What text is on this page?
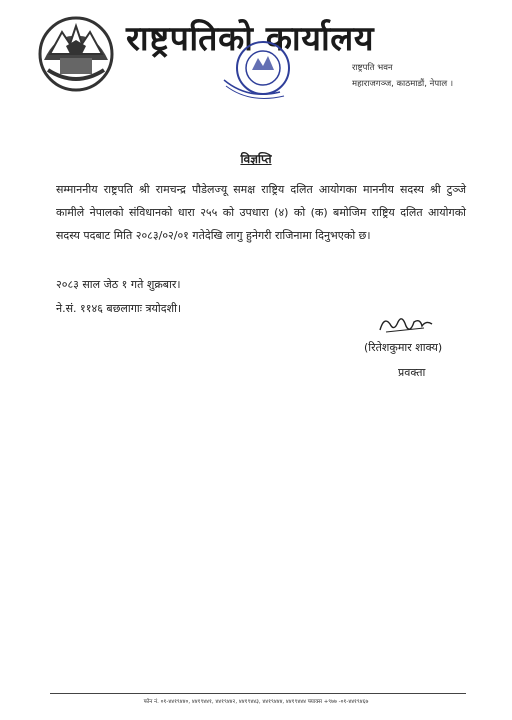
राष्ट्रपतिको कार्यालय
राष्ट्रपति भवन
महाराजगञ्ज, काठमाडौं, नेपाल ।
विज्ञप्ति
सम्माननीय राष्ट्रपति श्री रामचन्द्र पौडेलज्यू समक्ष राष्ट्रिय दलित आयोगका माननीय सदस्य श्री टुञ्जे कामीले नेपालको संविधानको धारा २५५ को उपधारा (४) को (क) बमोजिम राष्ट्रिय दलित आयोगको सदस्य पदबाट मिति २०८३/०२/०१ गतेदेखि लागु हुनेगरी राजिनामा दिनुभएको छ।
२०८३ साल जेठ १ गते शुक्रबार।
ने.सं. ११४६ बछलागाः त्रयोदशी।
(रितेशकुमार शाक्य)
प्रवक्ता
फोन नं. ०१-४४१९४४०, ४४१९४४१, ४४१९४४२, ४४१९४४३, ४४१९४४४, ४४१९४४४ फ्याक्स +९७७ -०१-४४१९४६७
